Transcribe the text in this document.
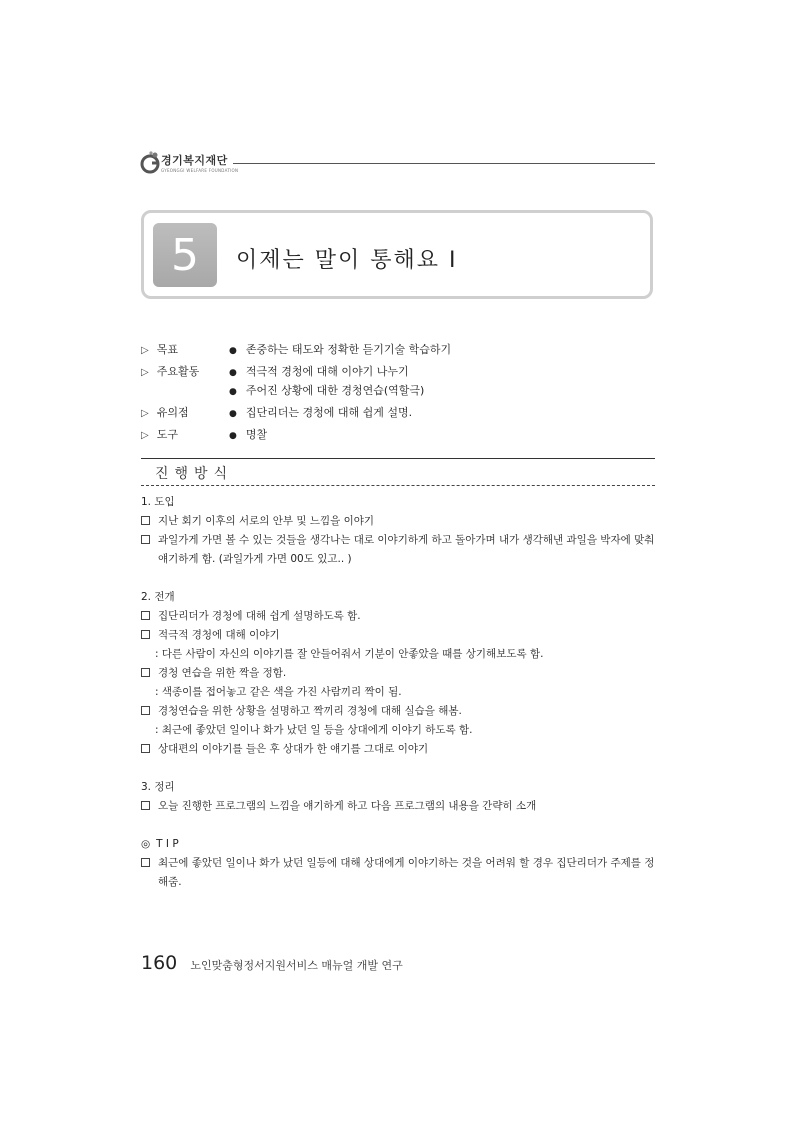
경기복지재단
GYEONGGI WELFARE FOUNDATION
5	이제는 말이 통해요 Ⅰ
▷ 목표	● 존중하는 태도와 정확한 듣기기술 학습하기
▷ 주요활동	● 적극적 경청에 대해 이야기 나누기
● 주어진 상황에 대한 경청연습(역할극)
▷ 유의점	● 집단리더는 경청에 대해 쉽게 설명.
▷ 도구	● 명찰
진행방식
1. 도입
지난 회기 이후의 서로의 안부 및 느낌을 이야기
과일가게 가면 볼 수 있는 것들을 생각나는 대로 이야기하게 하고 돌아가며 내가 생각해낸 과일을 박자에 맞춰 얘기하게 함. (과일가게 가면 00도 있고.. )
2. 전개
집단리더가 경청에 대해 쉽게 설명하도록 함.
적극적 경청에 대해 이야기
: 다른 사람이 자신의 이야기를 잘 안들어줘서 기분이 안좋았을 때를 상기해보도록 함.
경청 연습을 위한 짝을 정함.
: 색종이를 접어놓고 같은 색을 가진 사람끼리 짝이 됨.
경청연습을 위한 상황을 설명하고 짝끼리 경청에 대해 실습을 해봄.
: 최근에 좋았던 일이나 화가 났던 일 등을 상대에게 이야기 하도록 함.
상대편의 이야기를 들은 후 상대가 한 얘기를 그대로 이야기
3. 정리
오늘 진행한 프로그램의 느낌을 얘기하게 하고 다음 프로그램의 내용을 간략히 소개
◎ T I P
최근에 좋았던 일이나 화가 났던 일등에 대해 상대에게 이야기하는 것을 어려워 할 경우 집단리더가 주제를 정해줌.
160 노인맞춤형정서지원서비스 매뉴얼 개발 연구
